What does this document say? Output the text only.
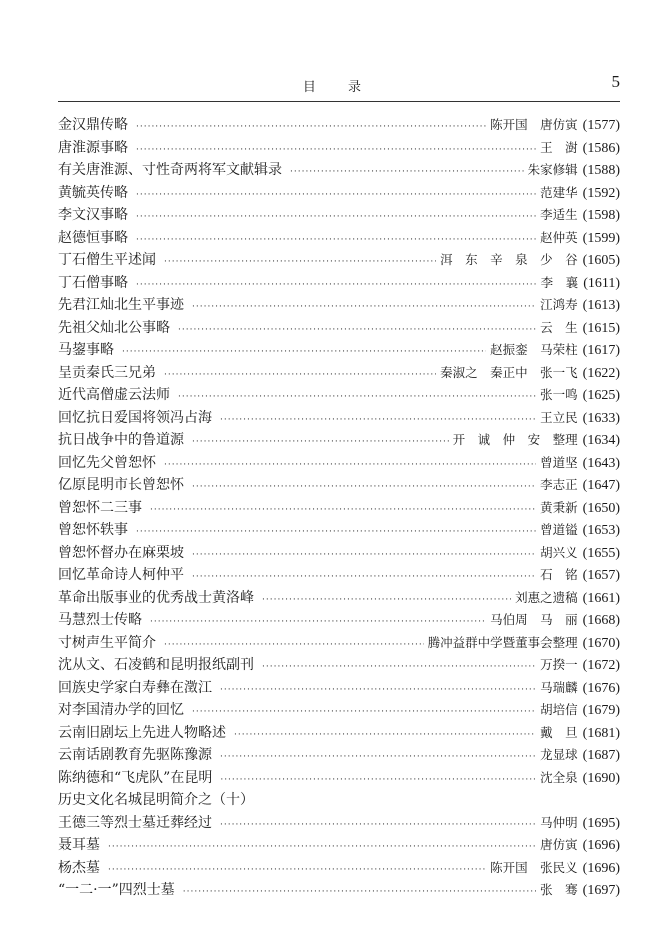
目 录	5
金汉鼎传略 ·····	陈开国　唐仿寅 (1577)
唐淮源事略 ·····	王　澍 (1586)
有关唐淮源、寸性奇两将军文献辑录 ·····	朱家修辑 (1588)
黄毓英传略 ·····	范建华 (1592)
李文汉事略 ·····	李适生 (1598)
赵德恒事略 ·····	赵仲英 (1599)
丁石僧生平述闻 ·····	洱　东　辛　泉　少　谷 (1605)
丁石僧事略 ·····	李　襄 (1611)
先君江灿北生平事迹 ·····	江鸿寿 (1613)
先祖父灿北公事略 ·····	云　生 (1615)
马鋆事略 ·····	赵振銮　马荣柱 (1617)
呈贡秦氏三兄弟 ·····	秦淑之　秦正中　张一飞 (1622)
近代高僧虚云法师 ·····	张一鸣 (1625)
回忆抗日爱国将领冯占海 ·····	王立民 (1633)
抗日战争中的鲁道源 ·····	开　诚　仲　安　整理 (1634)
回忆先父曾恕怀 ·····	曾道坚 (1643)
亿原昆明市长曾恕怀 ·····	李志正 (1647)
曾恕怀二三事 ·····	黄秉新 (1650)
曾恕怀轶事 ·····	曾道镒 (1653)
曾恕怀督办在麻栗坡 ·····	胡兴义 (1655)
回忆革命诗人柯仲平 ·····	石　铭 (1657)
革命出版事业的优秀战士黄洛峰 ·····	刘惠之遗稿 (1661)
马慧烈士传略 ·····	马伯周　马　丽 (1668)
寸树声生平简介 ·····	腾冲益群中学暨董事会整理 (1670)
沈从文、石凌鹤和昆明报纸副刊 ·····	万揆一 (1672)
回族史学家白寿彝在澂江 ·····	马瑞麟 (1676)
对李国清办学的回忆 ·····	胡培信 (1679)
云南旧剧坛上先进人物略述 ·····	戴　旦 (1681)
云南话剧教育先驱陈豫源 ·····	龙显球 (1687)
陈纳德和“飞虎队”在昆明 ·····	沈全泉 (1690)
历史文化名城昆明简介之（十）
王德三等烈士墓迁葬经过 ·····	马仲明 (1695)
聂耳墓 ·····	唐仿寅 (1696)
杨杰墓 ·····	陈开国　张民义 (1696)
“一二·一”四烈士墓 ·····	张　骞 (1697)
